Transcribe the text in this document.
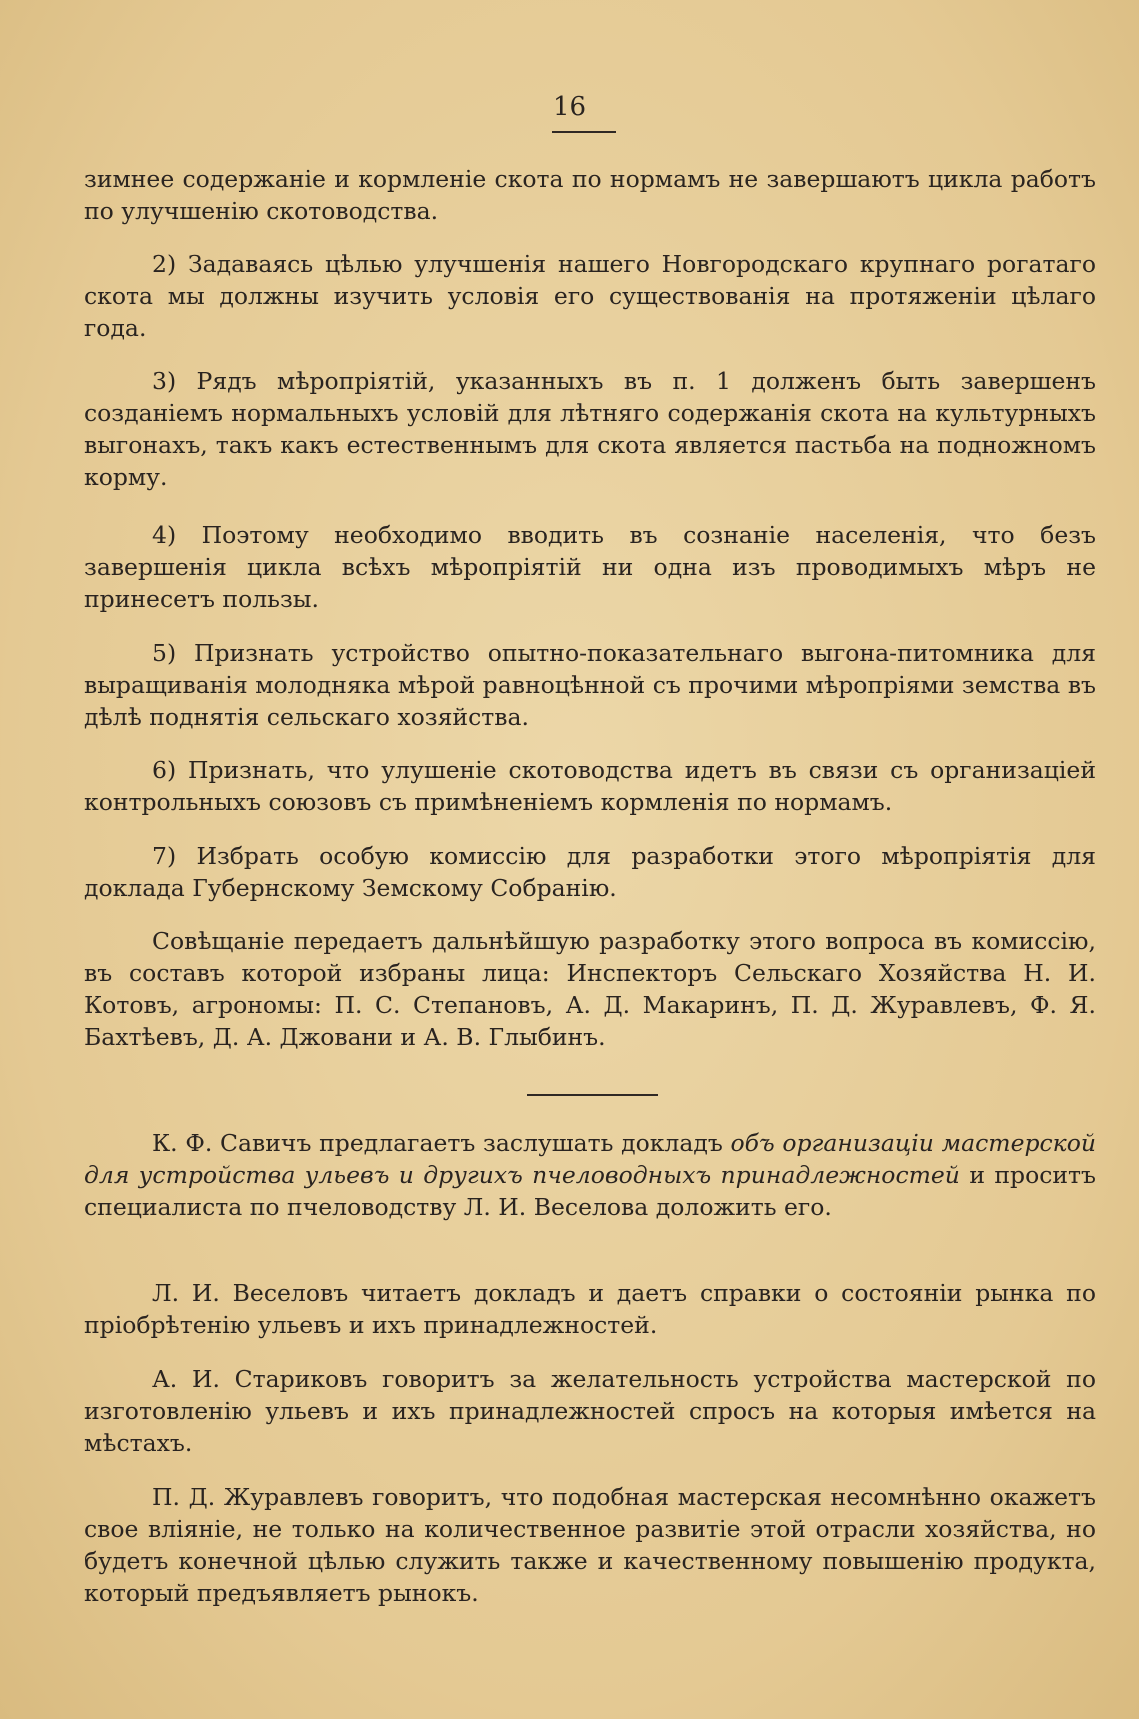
16

зимнее содержаніе и кормленіе скота по нормамъ не завершаютъ цикла работъ по улучшенію скотоводства.

2) Задаваясь цѣлью улучшенія нашего Новгородскаго крупнаго рогатаго скота мы должны изучить условія его существованія на протяженіи цѣлаго года.

3) Рядъ мѣропріятій, указанныхъ въ п. 1 долженъ быть завершенъ созданіемъ нормальныхъ условій для лѣтняго содержанія скота на культурныхъ выгонахъ, такъ какъ естественнымъ для скота является пастьба на подножномъ корму.

4) Поэтому необходимо вводить въ сознаніе населенія, что безъ завершенія цикла всѣхъ мѣропріятій ни одна изъ проводимыхъ мѣръ не принесетъ пользы.

5) Признать устройство опытно-показательнаго выгона-питомника для выращиванія молодняка мѣрой равноцѣнной съ прочими мѣропріями земства въ дѣлѣ поднятія сельскаго хозяйства.

6) Признать, что улушеніе скотоводства идетъ въ связи съ организаціей контрольныхъ союзовъ съ примѣненіемъ кормленія по нормамъ.

7) Избрать особую комиссію для разработки этого мѣропріятія для доклада Губернскому Земскому Собранію.

Совѣщаніе передаетъ дальнѣйшую разработку этого вопроса въ комиссію, въ составъ которой избраны лица: Инспекторъ Сельскаго Хозяйства Н. И. Котовъ, агрономы: П. С. Степановъ, А. Д. Макаринъ, П. Д. Журавлевъ, Ф. Я. Бахтѣевъ, Д. А. Джовани и А. В. Глыбинъ.

К. Ф. Савичъ предлагаетъ заслушать докладъ объ организаціи мастерской для устройства ульевъ и другихъ пчеловодныхъ принадлежностей и проситъ специалиста по пчеловодству Л. И. Веселова доложить его.

Л. И. Веселовъ читаетъ докладъ и даетъ справки о состояніи рынка по пріобрѣтенію ульевъ и ихъ принадлежностей.

А. И. Стариковъ говоритъ за желательность устройства мастерской по изготовленію ульевъ и ихъ принадлежностей спросъ на которыя имѣется на мѣстахъ.

П. Д. Журавлевъ говоритъ, что подобная мастерская несомнѣнно окажетъ свое вліяніе, не только на количественное развитіе этой отрасли хозяйства, но будетъ конечной цѣлью служить также и качественному повышенію продукта, который предъявляетъ рынокъ.
